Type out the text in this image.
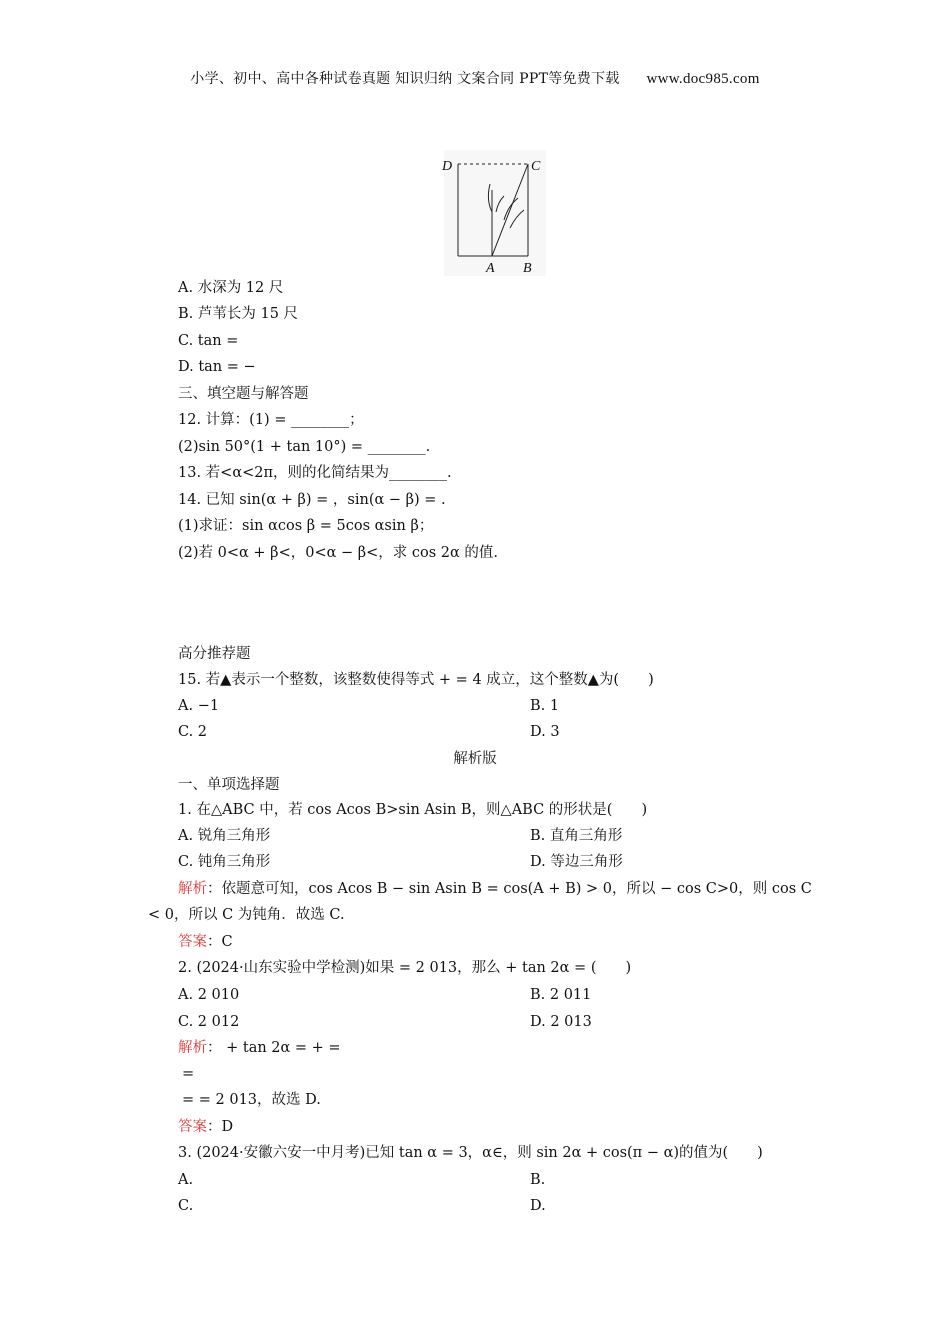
小学、初中、高中各种试卷真题 知识归纳 文案合同 PPT等免费下载 www.doc985.com
D	C
A B
A. 水深为 12 尺
B. 芦苇长为 15 尺
C. tan =
D. tan = −
三、填空题与解答题
12. 计算：(1) = ________；
(2)sin 50°(1 + tan 10°) = ________.
13. 若<α<2π，则的化简结果为________.
14. 已知 sin(α + β) = ，sin(α − β) = .
(1)求证：sin αcos β = 5cos αsin β；
(2)若 0<α + β<，0<α − β<，求 cos 2α 的值.
高分推荐题
15. 若▲表示一个整数，该整数使得等式 + = 4 成立，这个整数▲为(　　)
A. −1	B. 1
C. 2	D. 3
解析版
一、单项选择题
1. 在△ABC 中，若 cos Acos B>sin Asin B，则△ABC 的形状是(　　)
A. 锐角三角形	B. 直角三角形
C. 钝角三角形	D. 等边三角形
解析：依题意可知，cos Acos B − sin Asin B = cos(A + B) > 0，所以 − cos C>0，则 cos C
< 0，所以 C 为钝角．故选 C.
答案：C
2. (2024·山东实验中学检测)如果 = 2 013，那么 + tan 2α = (　　)
A. 2 010	B. 2 011
C. 2 012	D. 2 013
解析： + tan 2α = + =
=
= = 2 013，故选 D.
答案：D
3. (2024·安徽六安一中月考)已知 tan α = 3，α∈，则 sin 2α + cos(π − α)的值为(　　)
A.	B.
C.	D.
